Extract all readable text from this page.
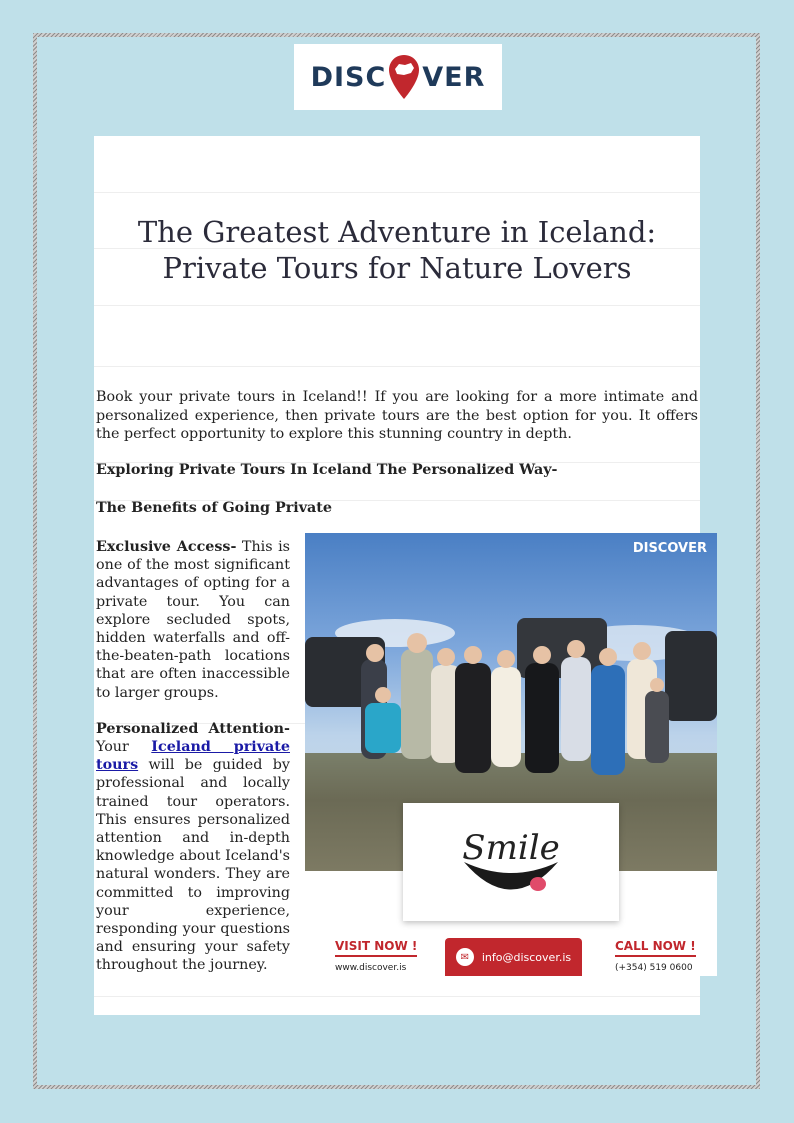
DISC VER
The Greatest Adventure in Iceland:
Private Tours for Nature Lovers
Book your private tours in Iceland!! If you are looking for a more intimate and personalized experience, then private tours are the best option for you. It offers the perfect opportunity to explore this stunning country in depth.
Exploring Private Tours In Iceland The Personalized Way-
The Benefits of Going Private

Exclusive Access- This is one of the most significant advantages of opting for a private tour. You can explore secluded spots, hidden waterfalls and off-the-beaten-path locations that are often inaccessible to larger groups.

Personalized Attention- Your Iceland private tours will be guided by professional and locally trained tour operators. This ensures personalized attention and in-depth knowledge about Iceland's natural wonders. They are committed to improving your experience, responding your questions and ensuring your safety throughout the journey.

DISCOVER
Smile
VISIT NOW !
www.discover.is
✉	info@discover.is
CALL NOW !
(+354) 519 0600
